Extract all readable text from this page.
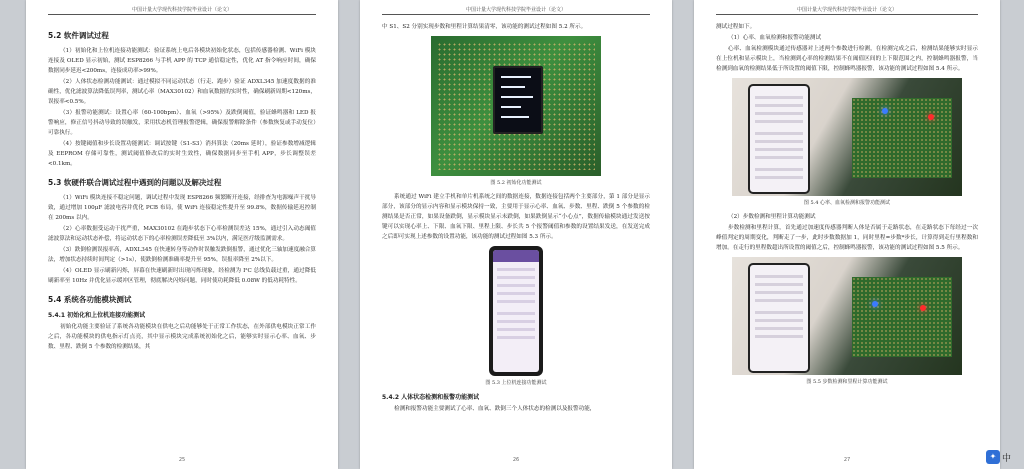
中国计量大学现代科技学院毕业设计（论文）
5.2 软件调试过程

（1）初始化和上位机连接功能测试：验证系统上电后各模块初始化状态，包括传感器检测、WiFi 模块连接及 OLED 显示初始，测试 ESP8266 与手机 APP 的 TCP 通信稳定性，优化 AT 指令响应时间，确保数据同步延迟<200ms，连接成功率>99%。

（2）人体状态检测功能测试：通过模拟不同运动状态（行走、跑步）验证 ADXL345 加速度数据的准确性，优化滤波算法降低误判率，测试心率（MAX30102）和血氧数据的实时性，确保刷新周期<120ms，误报率<0.5%。

（3）报警功能测试：设置心率（60-100bpm）、血氧（>95%）及跌倒阈值，验证蜂鸣器和 LED 报警响应，修正信号抖动导致的误触发，采用状态机管理报警逻辑，确保报警解除条件（参数恢复或手动复位）可靠执行。

（4）按键阈值和步长设置功能测试：调试按键（S1-S3）消抖算法（20ms 延时），验证参数增减逻辑及 EEPROM 存储可靠性，测试阈值修改后的实时生效性，确保数据同步至手机 APP，步长调整误差<0.1km。

5.3 软硬件联合调试过程中遇到的问题以及解决过程

（1）WiFi 模块连接不稳定问题，调试过程中发现 ESP8266 频繁断开连接，经排查为电源噪声干扰导致，通过增加 100μF 滤波电容并优化 PCB 布局，使 WiFi 连接稳定性提升至 99.8%，数据传输延迟控制在 200ms 以内。

（2）心率数据受运动干扰严重，MAX30102 在跑步状态下心率检测误差达 15%，通过引入动态阈值滤波算法和运动状态补偿，将运动状态下的心率检测误差降低至 3%以内，满足医疗级监测需求。

（3）跌倒检测误报率高，ADXL345 在快速转身等动作时误触发跌倒报警，通过优化三轴加速度融合算法，增加状态持续时间判定（>1s），使跌倒检测准确率提升至 95%，误报率降至 2%以下。

（4）OLED 显示刷新闪烁，屏幕在快速刷新时出现闪烁现象，经检测为 I²C 总线负载过重，通过降低刷新率至 10Hz 并优化显示缓冲区管理，彻底解决闪烁问题，同时使功耗降低 0.08W 的低功耗特性。

5.4 系统各功能模块测试
5.4.1 初始化和上位机连接功能测试

初始化功能主要验证了系统各功能模块在供电之后功能够处于正常工作状态，在外部供电模块正常工作之后，各功能模块的供电指示灯点亮，其中显示模块完成系统初始化之后，能够实时显示心率、血氧、步数、里程、跌倒 5 个参数的检测结果，其

25
中国计量大学现代科技学院毕业设计（论文）

中 S1、S2 分别实现步数和里程计算结果清零，该功能的测试过程如图 5.2 所示。

图 5.2 初始化功能测试

系统通过 WiFi 建立手机和单片机系统之间的数据连接，数据连接包括两个主要部分，第 1 部分是显示部分，该部分的显示内容和显示模块保持一致，主要用于显示心率、血氧、步数、里程、跌倒 5 个参数的检测结果是否正常，如果设备跌倒，显示模块显示未跌倒，如果跌倒显示“小心点”，数据传输模块通过发送按键可以实现心率上、下限、血氧下限、里程上限、步长共 5 个报警阈值和参数的设置结果发送，在发送完成之后即可实现上述参数的设置功能，该功能的测试过程如图 5.3 所示。

图 5.3 上位机连接功能测试
5.4.2 人体状态检测和报警功能测试

检测和报警功能主要测试了心率、血氧、跌倒三个人体状态的检测以及报警功能，

26
中国计量大学现代科技学院毕业设计（论文）

测试过程如下。

（1）心率、血氧检测和报警功能测试

心率、血氧检测模块通过传感器对上述两个参数进行检测，在检测完成之后，检测结果能够实时显示在上位机和显示模块上，当检测到心率的检测结果不在阈值区间的上下限范围之内，控制蜂鸣器报警，当检测到血氧的检测结果低于所设置的阈值下限，控制蜂鸣器报警，该功能的测试过程如图 5.4 所示。

图 5.4 心率、血氧检测和报警功能测试

（2）步数检测和里程计算功能测试

步数检测和里程计算，首先通过加速度传感器判断人体是否属于走路状态，在走路状态下每经过一次峰值判定的周期变化，判断走了一步，此时步数数据加 1，同时里程=步数*步长，计算得到走行里程数和增加。在走行的里程数超出所设置的阈值之后，控制蜂鸣器报警，该功能的测试过程如图 5.5 所示。

图 5.5 步数检测和里程计算功能测试
27	✦ 中
